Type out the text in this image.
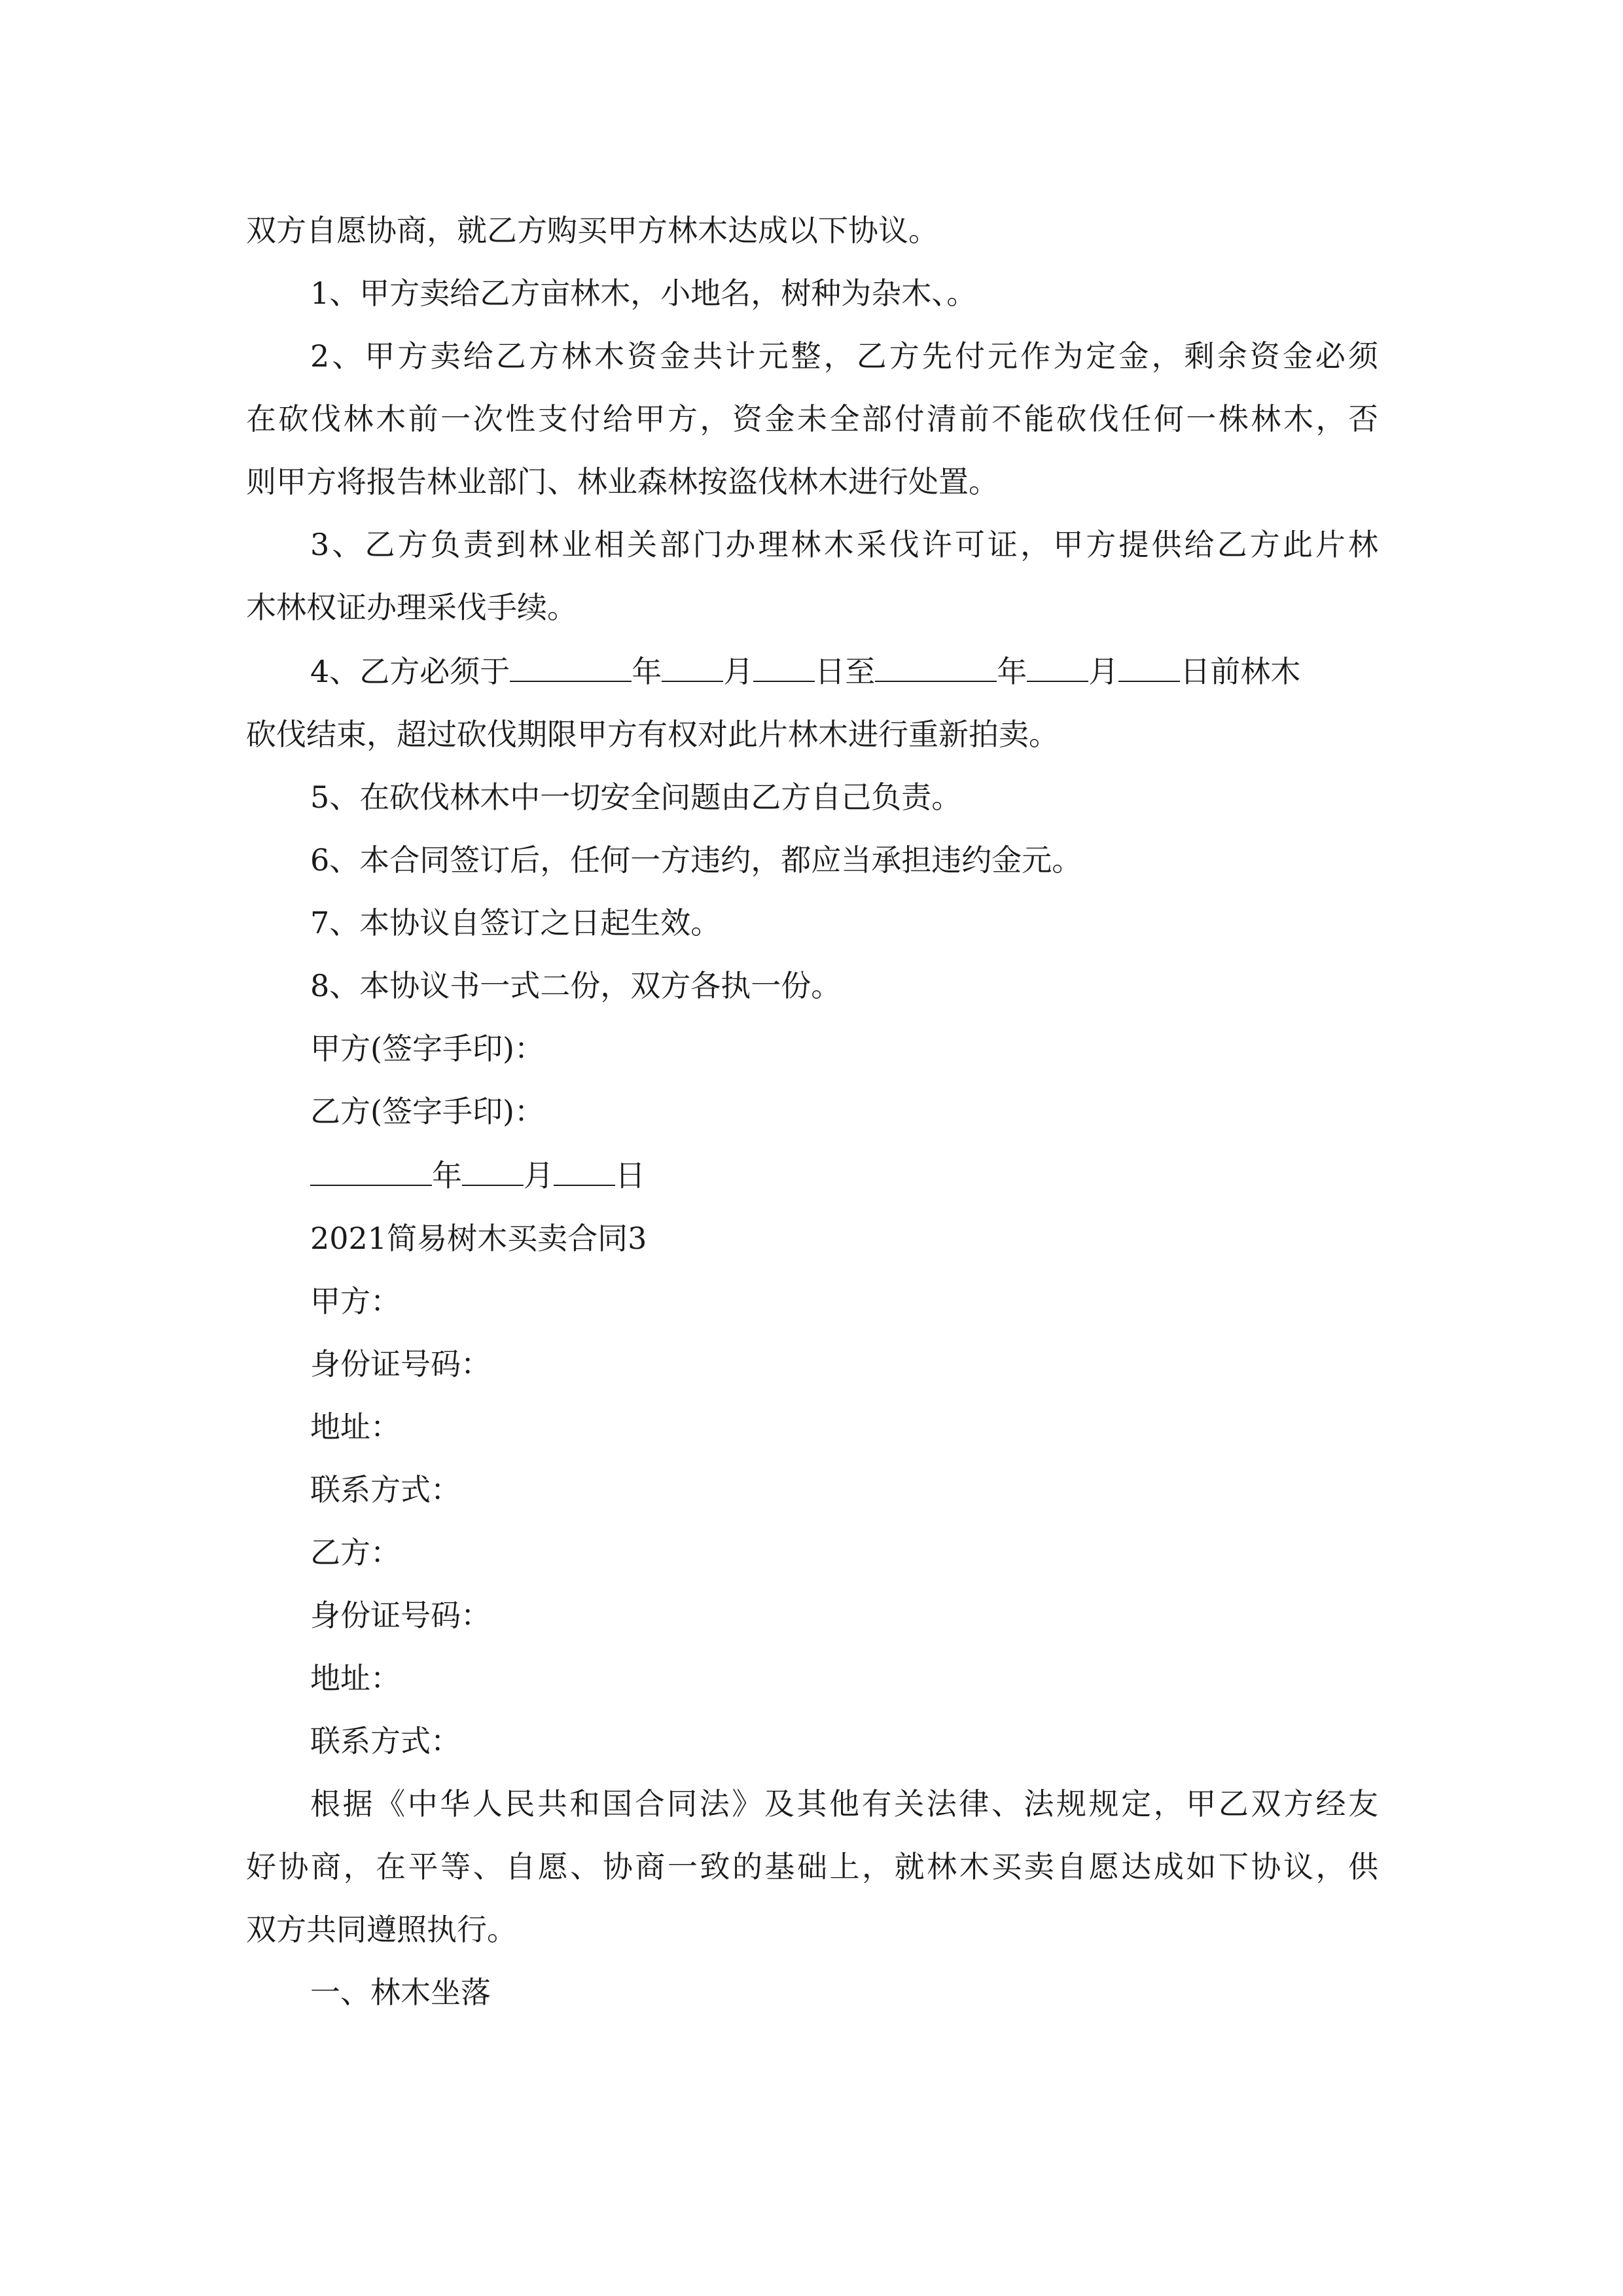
双方自愿协商，就乙方购买甲方林木达成以下协议。
1、甲方卖给乙方亩林木，小地名，树种为杂木、。
2、甲方卖给乙方林木资金共计元整，乙方先付元作为定金，剩余资金必须
在砍伐林木前一次性支付给甲方，资金未全部付清前不能砍伐任何一株林木，否
则甲方将报告林业部门、林业森林按盗伐林木进行处置。
3、乙方负责到林业相关部门办理林木采伐许可证，甲方提供给乙方此片林
木林权证办理采伐手续。
4、乙方必须于	年 月 日至	年 月 日前林木
砍伐结束，超过砍伐期限甲方有权对此片林木进行重新拍卖。
5、在砍伐林木中一切安全问题由乙方自己负责。
6、本合同签订后，任何一方违约，都应当承担违约金元。
7、本协议自签订之日起生效。
8、本协议书一式二份，双方各执一份。
甲方(签字手印)：
乙方(签字手印)：
年 月 日
2021简易树木买卖合同3
甲方：
身份证号码：
地址：
联系方式：
乙方：
身份证号码：
地址：
联系方式：
根据《中华人民共和国合同法》及其他有关法律、法规规定，甲乙双方经友
好协商，在平等、自愿、协商一致的基础上，就林木买卖自愿达成如下协议，供
双方共同遵照执行。
一、林木坐落
